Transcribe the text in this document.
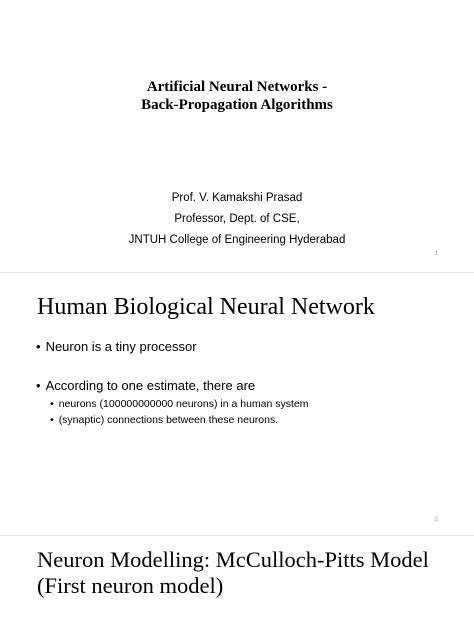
Artificial Neural Networks -
Back-Propagation Algorithms
Prof. V. Kamakshi Prasad
Professor, Dept. of CSE,
JNTUH College of Engineering Hyderabad
1
Human Biological Neural Network
• Neuron is a tiny processor
• According to one estimate, there are
• neurons (100000000000 neurons) in a human system
• (synaptic) connections between these neurons.
2
Neuron Modelling: McCulloch-Pitts Model
(First neuron model)
